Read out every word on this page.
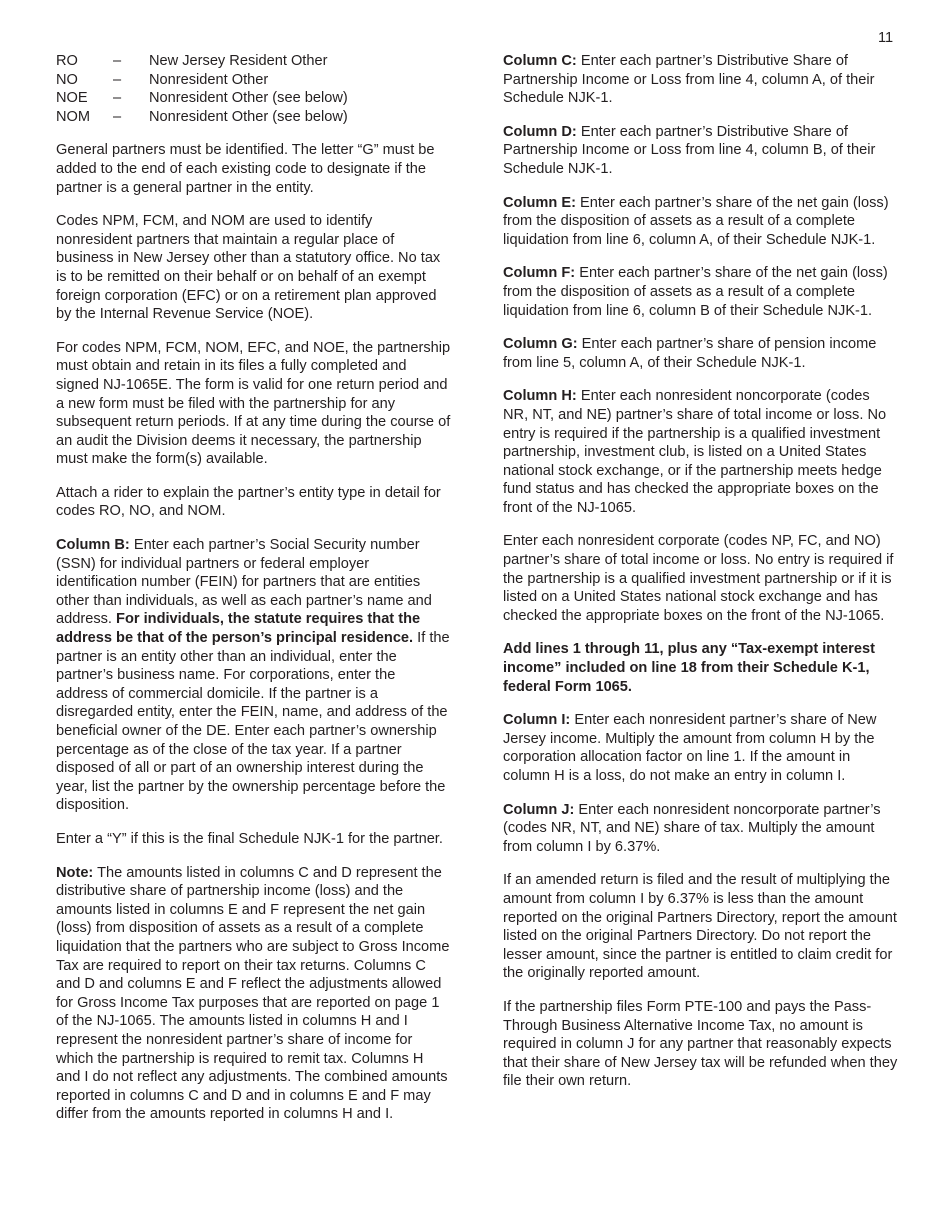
11
RO	–	New Jersey Resident Other
NO	–	Nonresident Other
NOE	–	Nonresident Other (see below)
NOM	–	Nonresident Other (see below)

General partners must be identified. The letter “G” must be added to the end of each existing code to designate if the partner is a general partner in the entity.

Codes NPM, FCM, and NOM are used to identify nonresident partners that maintain a regular place of business in New Jersey other than a statutory office. No tax is to be remitted on their behalf or on behalf of an exempt foreign corporation (EFC) or on a retirement plan approved by the Internal Revenue Service (NOE).

For codes NPM, FCM, NOM, EFC, and NOE, the partnership must obtain and retain in its files a fully completed and signed NJ-1065E. The form is valid for one return period and a new form must be filed with the partnership for any subsequent return periods. If at any time during the course of an audit the Division deems it necessary, the partnership must make the form(s) available.

Attach a rider to explain the partner’s entity type in detail for codes RO, NO, and NOM.

Column B: Enter each partner’s Social Security number (SSN) for individual partners or federal employer identification number (FEIN) for partners that are entities other than individuals, as well as each partner’s name and address. For individuals, the statute requires that the address be that of the person’s principal residence. If the partner is an entity other than an individual, enter the partner’s business name. For corporations, enter the address of commercial domicile. If the partner is a disregarded entity, enter the FEIN, name, and address of the beneficial owner of the DE. Enter each partner’s ownership percentage as of the close of the tax year. If a partner disposed of all or part of an ownership interest during the year, list the partner by the ownership percentage before the disposition.

Enter a “Y” if this is the final Schedule NJK-1 for the partner.

Note: The amounts listed in columns C and D represent the distributive share of partnership income (loss) and the amounts listed in columns E and F represent the net gain (loss) from disposition of assets as a result of a complete liquidation that the partners who are subject to Gross Income Tax are required to report on their tax returns. Columns C and D and columns E and F reflect the adjustments allowed for Gross Income Tax purposes that are reported on page 1 of the NJ-1065. The amounts listed in columns H and I represent the nonresident partner’s share of income for which the partnership is required to remit tax. Columns H and I do not reflect any adjustments. The combined amounts reported in columns C and D and in columns E and F may differ from the amounts reported in columns H and I.

Column C: Enter each partner’s Distributive Share of Partnership Income or Loss from line 4, column A, of their Schedule NJK-1.

Column D: Enter each partner’s Distributive Share of Partnership Income or Loss from line 4, column B, of their Schedule NJK-1.

Column E: Enter each partner’s share of the net gain (loss) from the disposition of assets as a result of a complete liquidation from line 6, column A, of their Schedule NJK-1.

Column F: Enter each partner’s share of the net gain (loss) from the disposition of assets as a result of a complete liquidation from line 6, column B of their Schedule NJK-1.

Column G: Enter each partner’s share of pension income from line 5, column A, of their Schedule NJK-1.

Column H: Enter each nonresident noncorporate (codes NR, NT, and NE) partner’s share of total income or loss. No entry is required if the partnership is a qualified investment partnership, investment club, is listed on a United States national stock exchange, or if the partnership meets hedge fund status and has checked the appropriate boxes on the front of the NJ-1065.

Enter each nonresident corporate (codes NP, FC, and NO) partner’s share of total income or loss. No entry is required if the partnership is a qualified investment partnership or if it is listed on a United States national stock exchange and has checked the appropriate boxes on the front of the NJ-1065.

Add lines 1 through 11, plus any “Tax-exempt interest income” included on line 18 from their Schedule K-1, federal Form 1065.

Column I: Enter each nonresident partner’s share of New Jersey income. Multiply the amount from column H by the corporation allocation factor on line 1. If the amount in column H is a loss, do not make an entry in column I.

Column J: Enter each nonresident noncorporate partner’s (codes NR, NT, and NE) share of tax. Multiply the amount from column I by 6.37%.

If an amended return is filed and the result of multiplying the amount from column I by 6.37% is less than the amount reported on the original Partners Directory, report the amount listed on the original Partners Directory. Do not report the lesser amount, since the partner is entitled to claim credit for the originally reported amount.

If the partnership files Form PTE-100 and pays the Pass-Through Business Alternative Income Tax, no amount is required in column J for any partner that reasonably expects that their share of New Jersey tax will be refunded when they file their own return.
